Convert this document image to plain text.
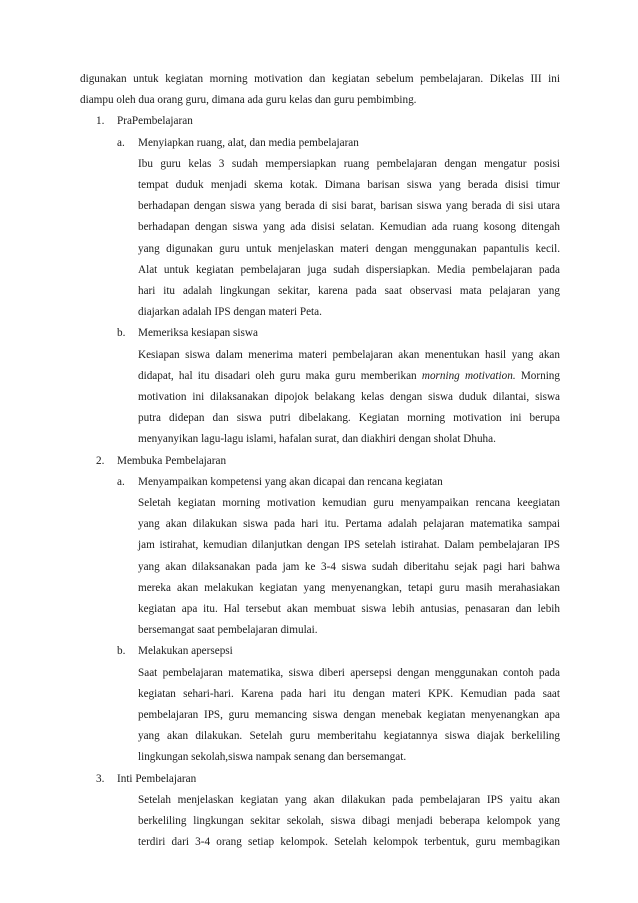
digunakan untuk kegiatan morning motivation dan kegiatan sebelum pembelajaran. Dikelas III ini
diampu oleh dua orang guru, dimana ada guru kelas dan guru pembimbing.
1. PraPembelajaran
a. Menyiapkan ruang, alat, dan media pembelajaran
Ibu guru kelas 3 sudah mempersiapkan ruang pembelajaran dengan mengatur posisi
tempat duduk menjadi skema kotak. Dimana barisan siswa yang berada disisi timur
berhadapan dengan siswa yang berada di sisi barat, barisan siswa yang berada di sisi utara
berhadapan dengan siswa yang ada disisi selatan. Kemudian ada ruang kosong ditengah
yang digunakan guru untuk menjelaskan materi dengan menggunakan papantulis kecil.
Alat untuk kegiatan pembelajaran juga sudah dispersiapkan. Media pembelajaran pada
hari itu adalah lingkungan sekitar, karena pada saat observasi mata pelajaran yang
diajarkan adalah IPS dengan materi Peta.
b. Memeriksa kesiapan siswa
Kesiapan siswa dalam menerima materi pembelajaran akan menentukan hasil yang akan
didapat, hal itu disadari oleh guru maka guru memberikan morning motivation. Morning
motivation ini dilaksanakan dipojok belakang kelas dengan siswa duduk dilantai, siswa
putra didepan dan siswa putri dibelakang. Kegiatan morning motivation ini berupa
menyanyikan lagu-lagu islami, hafalan surat, dan diakhiri dengan sholat Dhuha.
2. Membuka Pembelajaran
a. Menyampaikan kompetensi yang akan dicapai dan rencana kegiatan
Seletah kegiatan morning motivation kemudian guru menyampaikan rencana keegiatan
yang akan dilakukan siswa pada hari itu. Pertama adalah pelajaran matematika sampai
jam istirahat, kemudian dilanjutkan dengan IPS setelah istirahat. Dalam pembelajaran IPS
yang akan dilaksanakan pada jam ke 3-4 siswa sudah diberitahu sejak pagi hari bahwa
mereka akan melakukan kegiatan yang menyenangkan, tetapi guru masih merahasiakan
kegiatan apa itu. Hal tersebut akan membuat siswa lebih antusias, penasaran dan lebih
bersemangat saat pembelajaran dimulai.
b. Melakukan apersepsi
Saat pembelajaran matematika, siswa diberi apersepsi dengan menggunakan contoh pada
kegiatan sehari-hari. Karena pada hari itu dengan materi KPK. Kemudian pada saat
pembelajaran IPS, guru memancing siswa dengan menebak kegiatan menyenangkan apa
yang akan dilakukan. Setelah guru memberitahu kegiatannya siswa diajak berkeliling
lingkungan sekolah,siswa nampak senang dan bersemangat.
3. Inti Pembelajaran
Setelah menjelaskan kegiatan yang akan dilakukan pada pembelajaran IPS yaitu akan
berkeliling lingkungan sekitar sekolah, siswa dibagi menjadi beberapa kelompok yang
terdiri dari 3-4 orang setiap kelompok. Setelah kelompok terbentuk, guru membagikan
